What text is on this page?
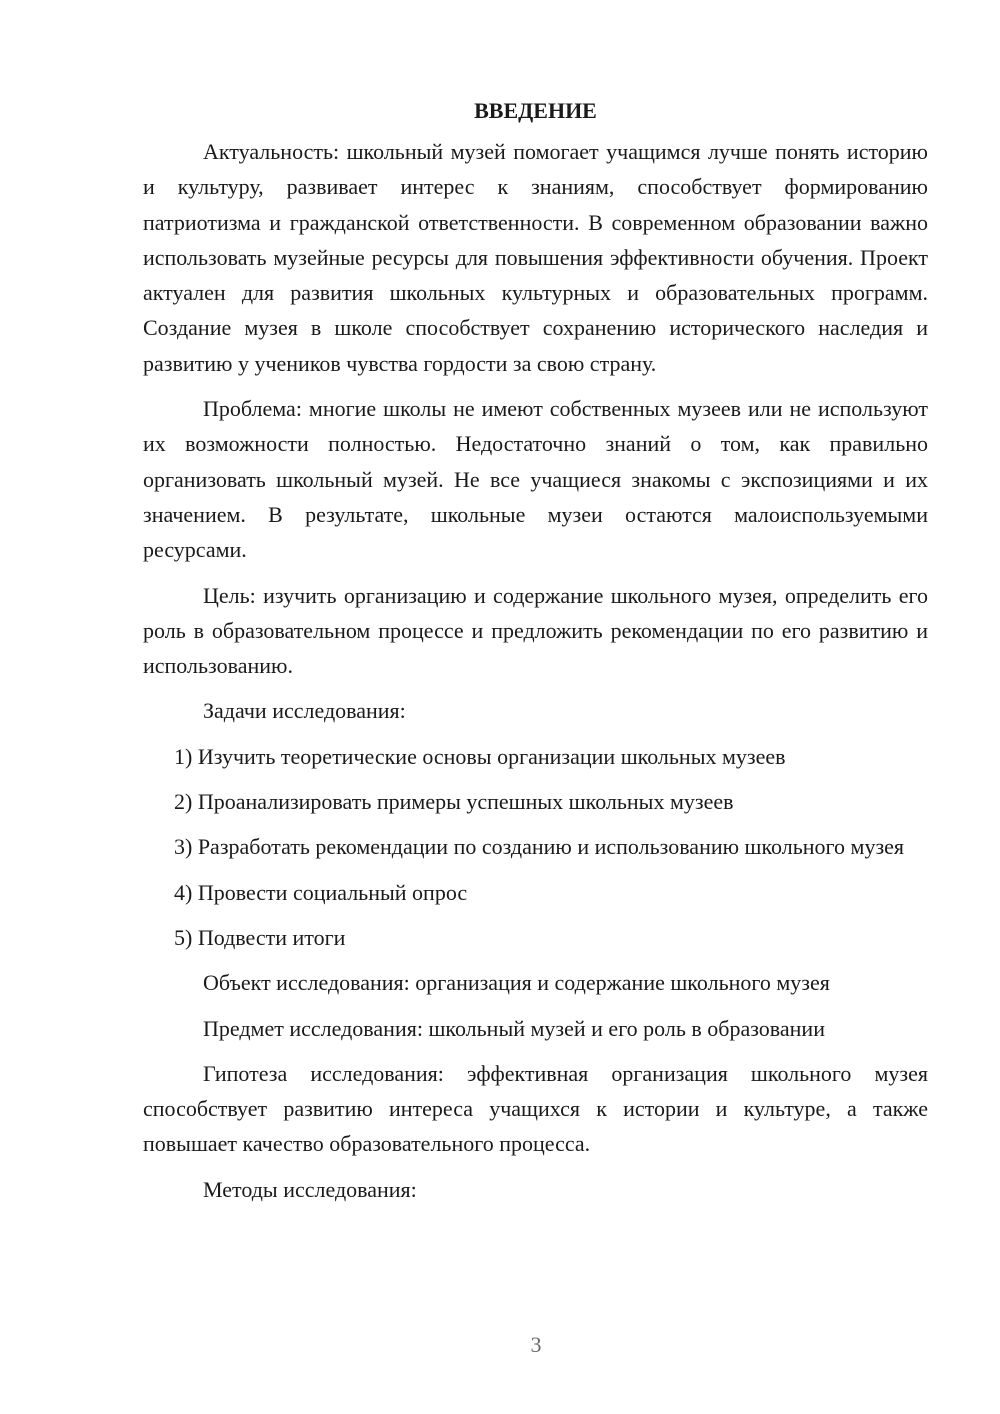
ВВЕДЕНИЕ

Актуальность: школьный музей помогает учащимся лучше понять историю и культуру, развивает интерес к знаниям, способствует формированию патриотизма и гражданской ответственности. В современном образовании важно использовать музейные ресурсы для повышения эффективности обучения. Проект актуален для развития школьных культурных и образовательных программ. Создание музея в школе способствует сохранению исторического наследия и развитию у учеников чувства гордости за свою страну.

Проблема: многие школы не имеют собственных музеев или не используют их возможности полностью. Недостаточно знаний о том, как правильно организовать школьный музей. Не все учащиеся знакомы с экспозициями и их значением. В результате, школьные музеи остаются малоиспользуемыми ресурсами.

Цель: изучить организацию и содержание школьного музея, определить его роль в образовательном процессе и предложить рекомендации по его развитию и использованию.

Задачи исследования:

1) Изучить теоретические основы организации школьных музеев

2) Проанализировать примеры успешных школьных музеев

3) Разработать рекомендации по созданию и использованию школьного музея

4) Провести социальный опрос

5) Подвести итоги

Объект исследования: организация и содержание школьного музея

Предмет исследования: школьный музей и его роль в образовании

Гипотеза исследования: эффективная организация школьного музея способствует развитию интереса учащихся к истории и культуре, а также повышает качество образовательного процесса.

Методы исследования:

3
